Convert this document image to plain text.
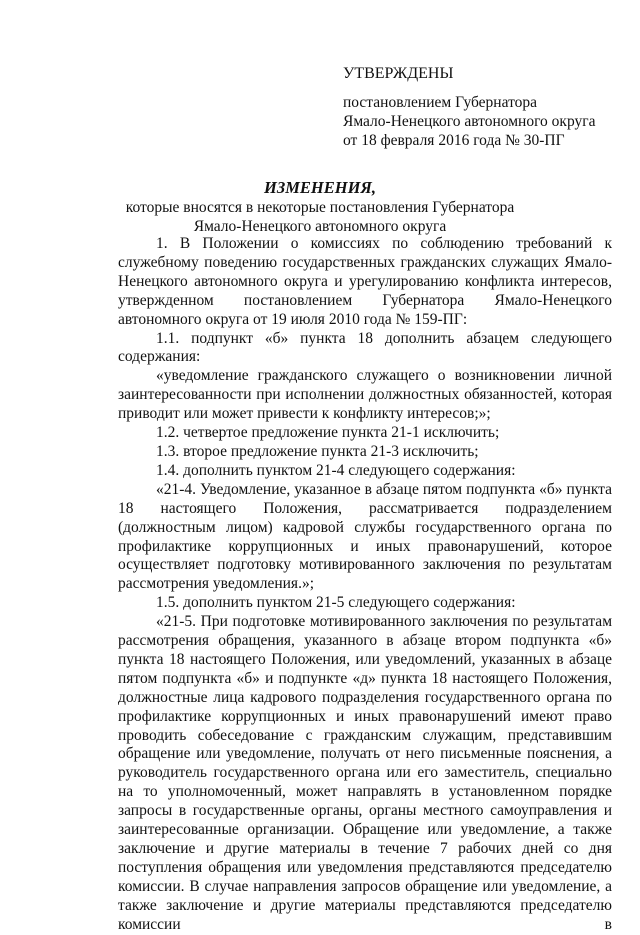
УТВЕРЖДЕНЫ
постановлением Губернатора
Ямало-Ненецкого автономного округа
от 18 февраля 2016 года № 30-ПГ
ИЗМЕНЕНИЯ,
которые вносятся в некоторые постановления Губернатора
Ямало-Ненецкого автономного округа

1. В Положении о комиссиях по соблюдению требований к служебному поведению государственных гражданских служащих Ямало-Ненецкого автономного округа и урегулированию конфликта интересов, утвержденном постановлением Губернатора Ямало-Ненецкого автономного округа от 19 июля 2010 года № 159-ПГ:

1.1. подпункт «б» пункта 18 дополнить абзацем следующего содержания:

«уведомление гражданского служащего о возникновении личной заинтересованности при исполнении должностных обязанностей, которая приводит или может привести к конфликту интересов;»;

1.2. четвертое предложение пункта 21-1 исключить;

1.3. второе предложение пункта 21-3 исключить;

1.4. дополнить пунктом 21-4 следующего содержания:

«21-4. Уведомление, указанное в абзаце пятом подпункта «б» пункта 18 настоящего Положения, рассматривается подразделением (должностным лицом) кадровой службы государственного органа по профилактике коррупционных и иных правонарушений, которое осуществляет подготовку мотивированного заключения по результатам рассмотрения уведомления.»;

1.5. дополнить пунктом 21-5 следующего содержания:

«21-5. При подготовке мотивированного заключения по результатам рассмотрения обращения, указанного в абзаце втором подпункта «б» пункта 18 настоящего Положения, или уведомлений, указанных в абзаце пятом подпункта «б» и подпункте «д» пункта 18 настоящего Положения, должностные лица кадрового подразделения государственного органа по профилактике коррупционных и иных правонарушений имеют право проводить собеседование с гражданским служащим, представившим обращение или уведомление, получать от него письменные пояснения, а руководитель государственного органа или его заместитель, специально на то уполномоченный, может направлять в установленном порядке запросы в государственные органы, органы местного самоуправления и заинтересованные организации. Обращение или уведомление, а также заключение и другие материалы в течение 7 рабочих дней со дня поступления обращения или уведомления представляются председателю комиссии. В случае направления запросов обращение или уведомление, а также заключение и другие материалы представляются председателю комиссии в
